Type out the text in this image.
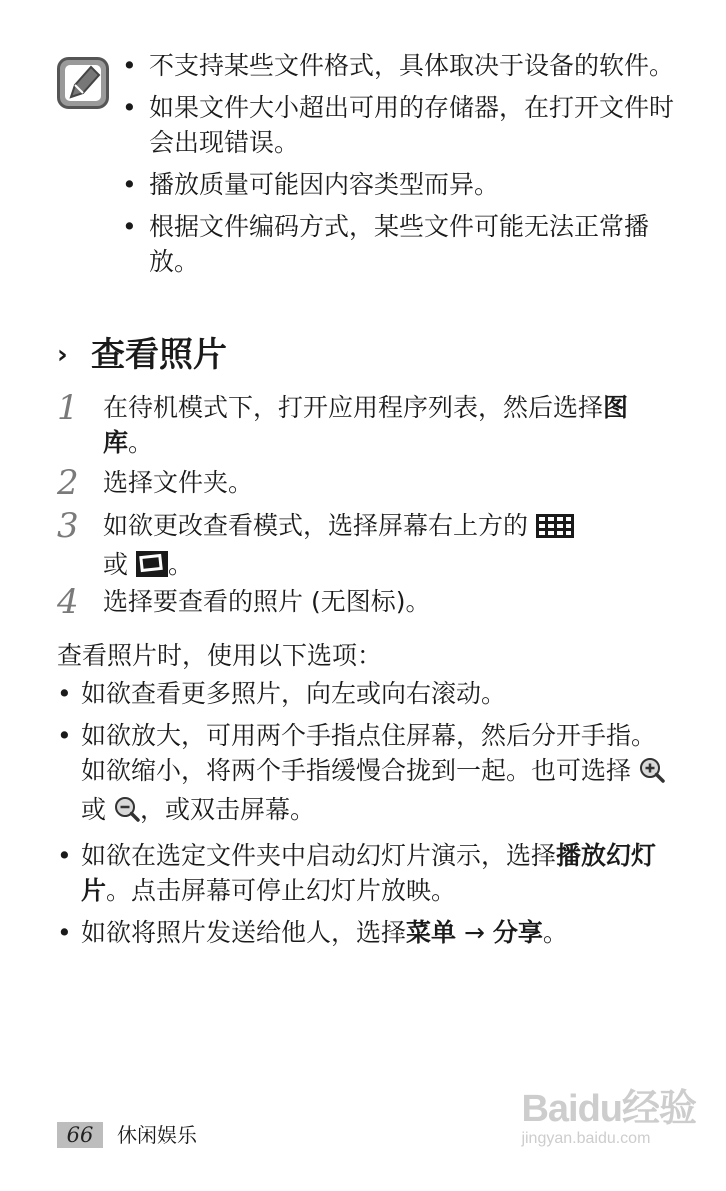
• 不支持某些文件格式，具体取决于设备的软件。
• 如果文件大小超出可用的存储器，在打开文件时会出现错误。
• 播放质量可能因内容类型而异。
• 根据文件编码方式，某些文件可能无法正常播放。
› 查看照片
1 在待机模式下，打开应用程序列表，然后选择图库。
2 选择文件夹。
3 如欲更改查看模式，选择屏幕右上方的
或 。
4 选择要查看的照片 (无图标)。
查看照片时，使用以下选项：
• 如欲查看更多照片，向左或向右滚动。
• 如欲放大，可用两个手指点住屏幕，然后分开手指。如欲缩小，将两个手指缓慢合拢到一起。也可选择  或 ，或双击屏幕。
• 如欲在选定文件夹中启动幻灯片演示，选择播放幻灯片。点击屏幕可停止幻灯片放映。
• 如欲将照片发送给他人，选择菜单 → 分享。
66	休闲娱乐
Baidu经验
jingyan.baidu.com
